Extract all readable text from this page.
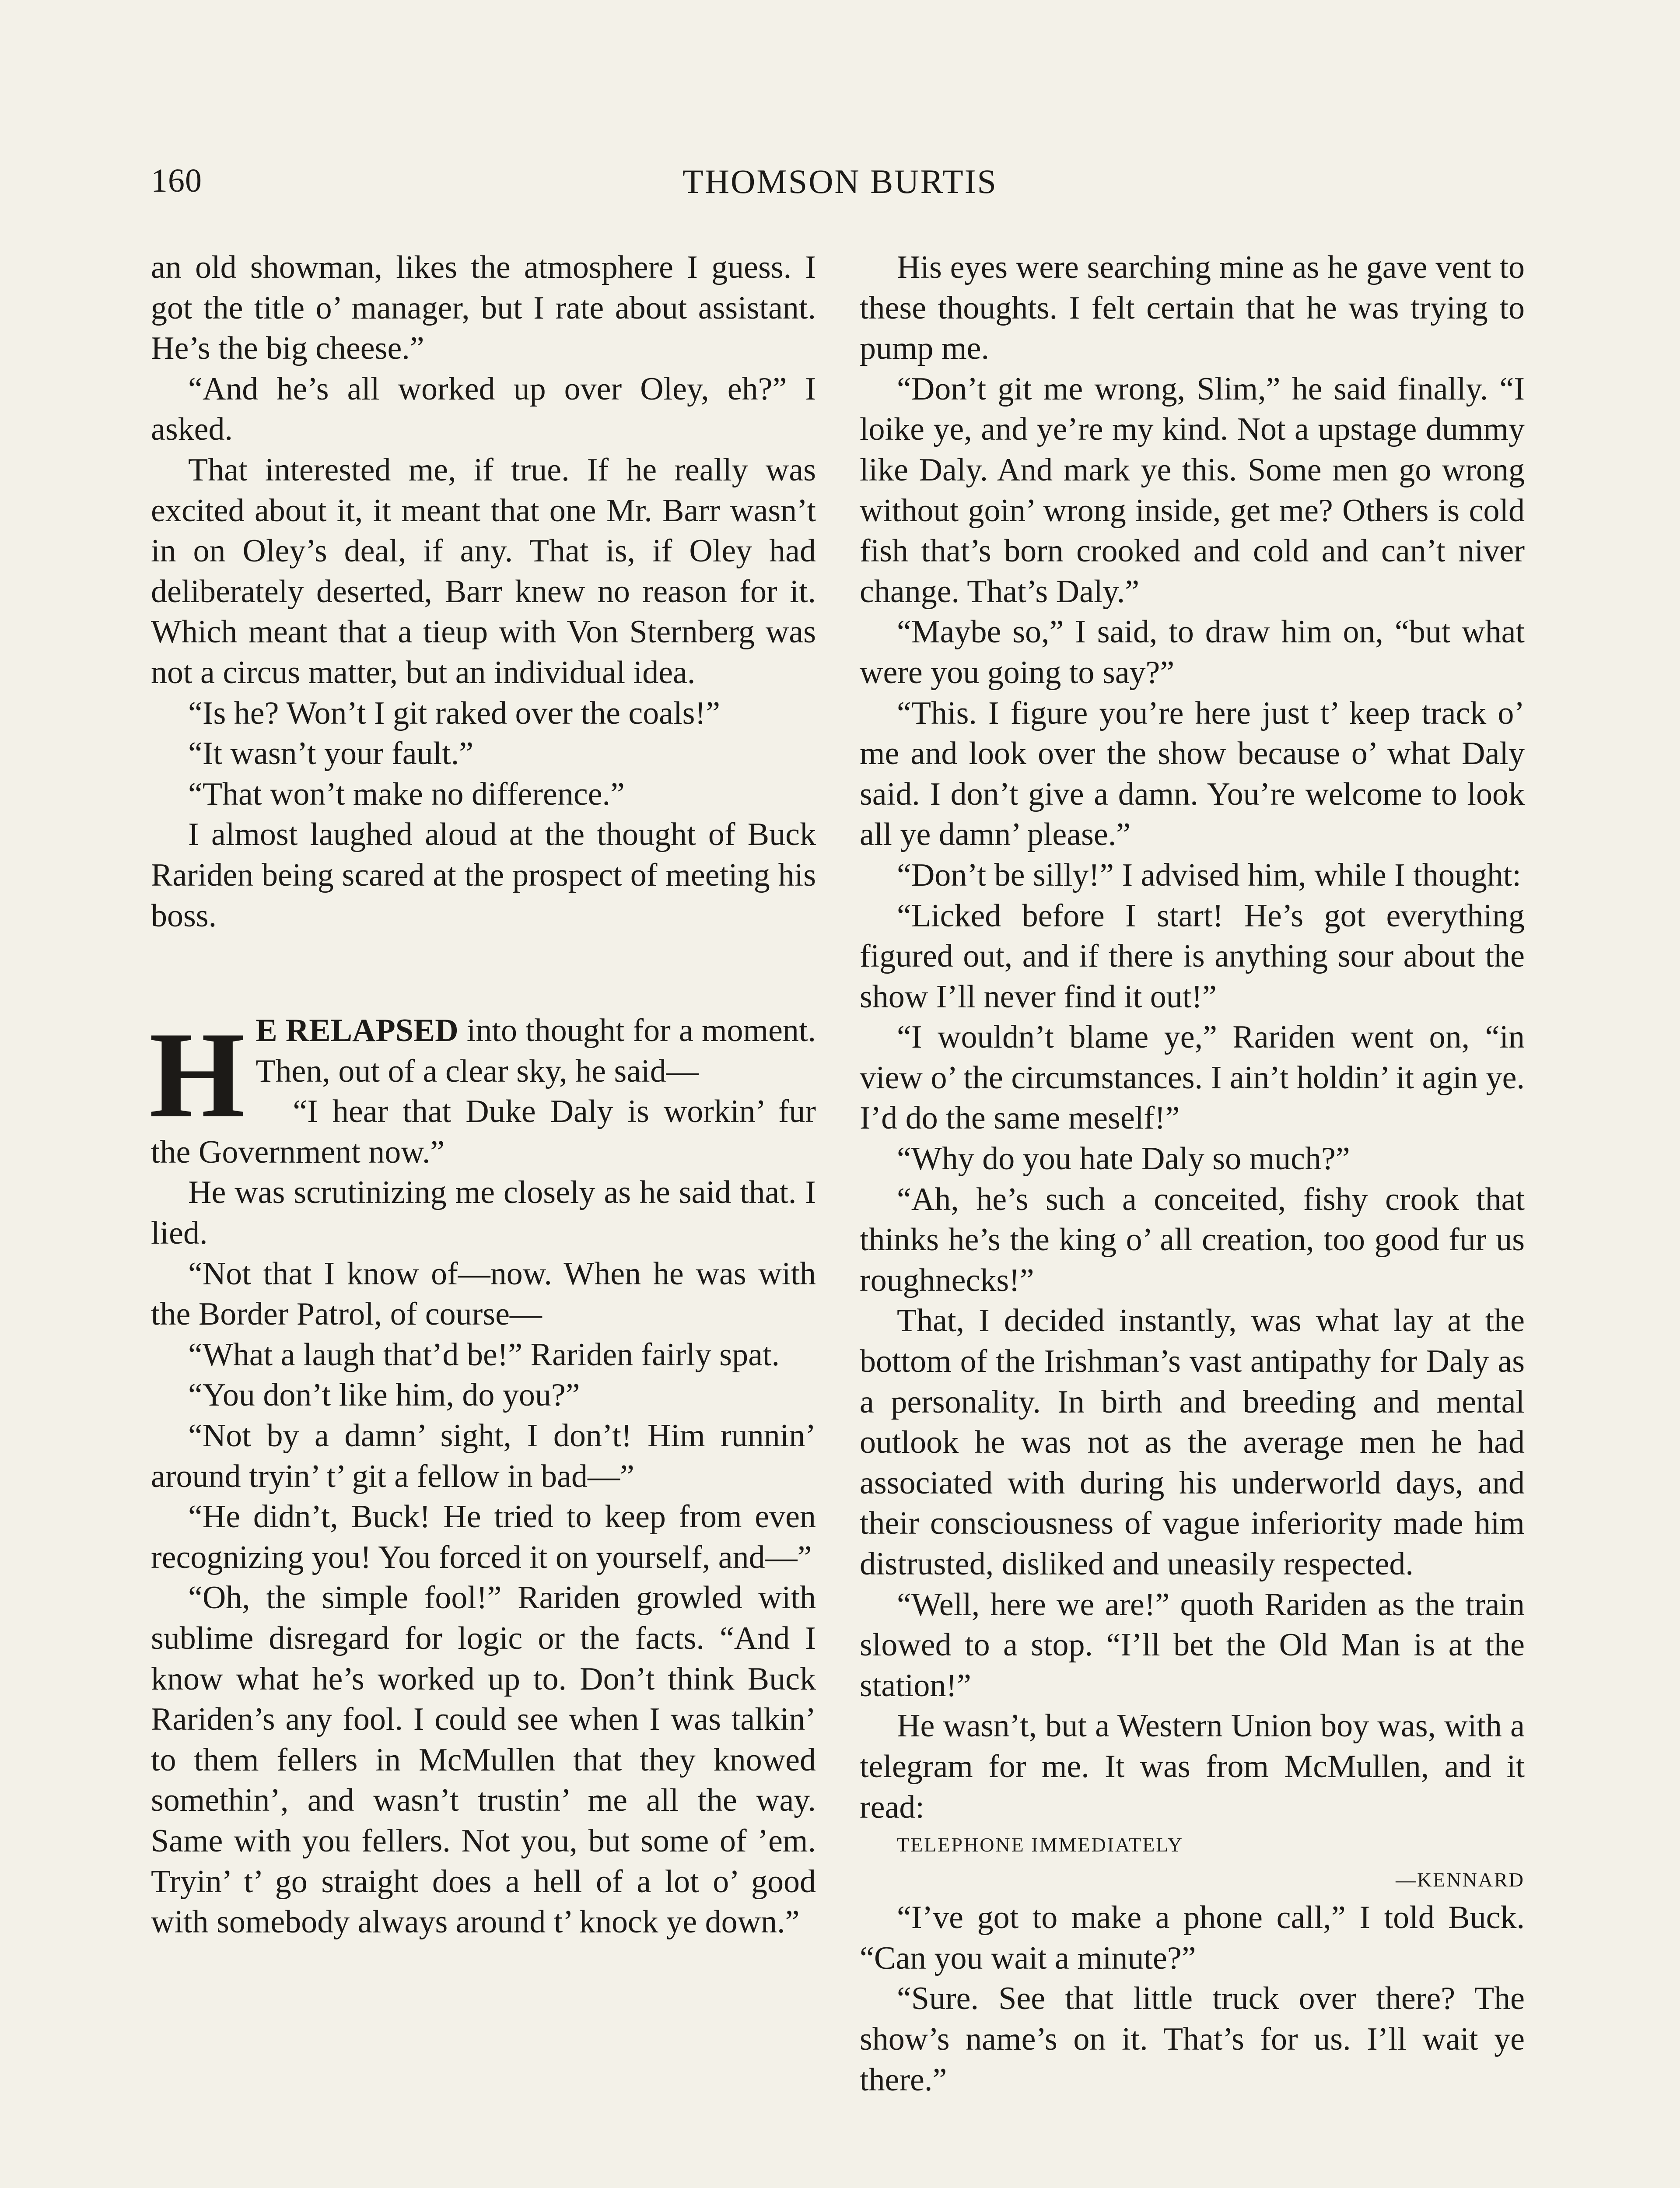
160	THOMSON BURTIS

an old showman, likes the atmosphere I guess. I got the title o’ manager, but I rate about assistant. He’s the big cheese.”

“And he’s all worked up over Oley, eh?” I asked.

That interested me, if true. If he really was excited about it, it meant that one Mr. Barr wasn’t in on Oley’s deal, if any. That is, if Oley had deliberately deserted, Barr knew no reason for it. Which meant that a tieup with Von Sternberg was not a circus matter, but an individual idea.

“Is he? Won’t I git raked over the coals!”

“It wasn’t your fault.”

“That won’t make no difference.”

I almost laughed aloud at the thought of Buck Rariden being scared at the prospect of meeting his boss.

H E RELAPSED into thought for a moment. Then, out of a clear sky, he said—

“I hear that Duke Daly is workin’ fur the Government now.”

He was scrutinizing me closely as he said that. I lied.

“Not that I know of—now. When he was with the Border Patrol, of course—

“What a laugh that’d be!” Rariden fairly spat.

“You don’t like him, do you?”

“Not by a damn’ sight, I don’t! Him runnin’ around tryin’ t’ git a fellow in bad—”

“He didn’t, Buck! He tried to keep from even recognizing you! You forced it on yourself, and—”

“Oh, the simple fool!” Rariden growled with sublime disregard for logic or the facts. “And I know what he’s worked up to. Don’t think Buck Rariden’s any fool. I could see when I was talkin’ to them fellers in McMullen that they knowed somethin’, and wasn’t trustin’ me all the way. Same with you fellers. Not you, but some of ’em. Tryin’ t’ go straight does a hell of a lot o’ good with somebody always around t’ knock ye down.”

His eyes were searching mine as he gave vent to these thoughts. I felt certain that he was trying to pump me.

“Don’t git me wrong, Slim,” he said finally. “I loike ye, and ye’re my kind. Not a upstage dummy like Daly. And mark ye this. Some men go wrong without goin’ wrong inside, get me? Others is cold fish that’s born crooked and cold and can’t niver change. That’s Daly.”

“Maybe so,” I said, to draw him on, “but what were you going to say?”

“This. I figure you’re here just t’ keep track o’ me and look over the show because o’ what Daly said. I don’t give a damn. You’re welcome to look all ye damn’ please.”

“Don’t be silly!” I advised him, while I thought:

“Licked before I start! He’s got everything figured out, and if there is anything sour about the show I’ll never find it out!”

“I wouldn’t blame ye,” Rariden went on, “in view o’ the circumstances. I ain’t holdin’ it agin ye. I’d do the same meself!”

“Why do you hate Daly so much?”

“Ah, he’s such a conceited, fishy crook that thinks he’s the king o’ all creation, too good fur us roughnecks!”

That, I decided instantly, was what lay at the bottom of the Irishman’s vast antipathy for Daly as a personality. In birth and breeding and mental outlook he was not as the average men he had associated with during his underworld days, and their consciousness of vague inferiority made him distrusted, disliked and uneasily respected.

“Well, here we are!” quoth Rariden as the train slowed to a stop. “I’ll bet the Old Man is at the station!”

He wasn’t, but a Western Union boy was, with a telegram for me. It was from McMullen, and it read:

TELEPHONE IMMEDIATELY

—KENNARD

“I’ve got to make a phone call,” I told Buck. “Can you wait a minute?”

“Sure. See that little truck over there? The show’s name’s on it. That’s for us. I’ll wait ye there.”
